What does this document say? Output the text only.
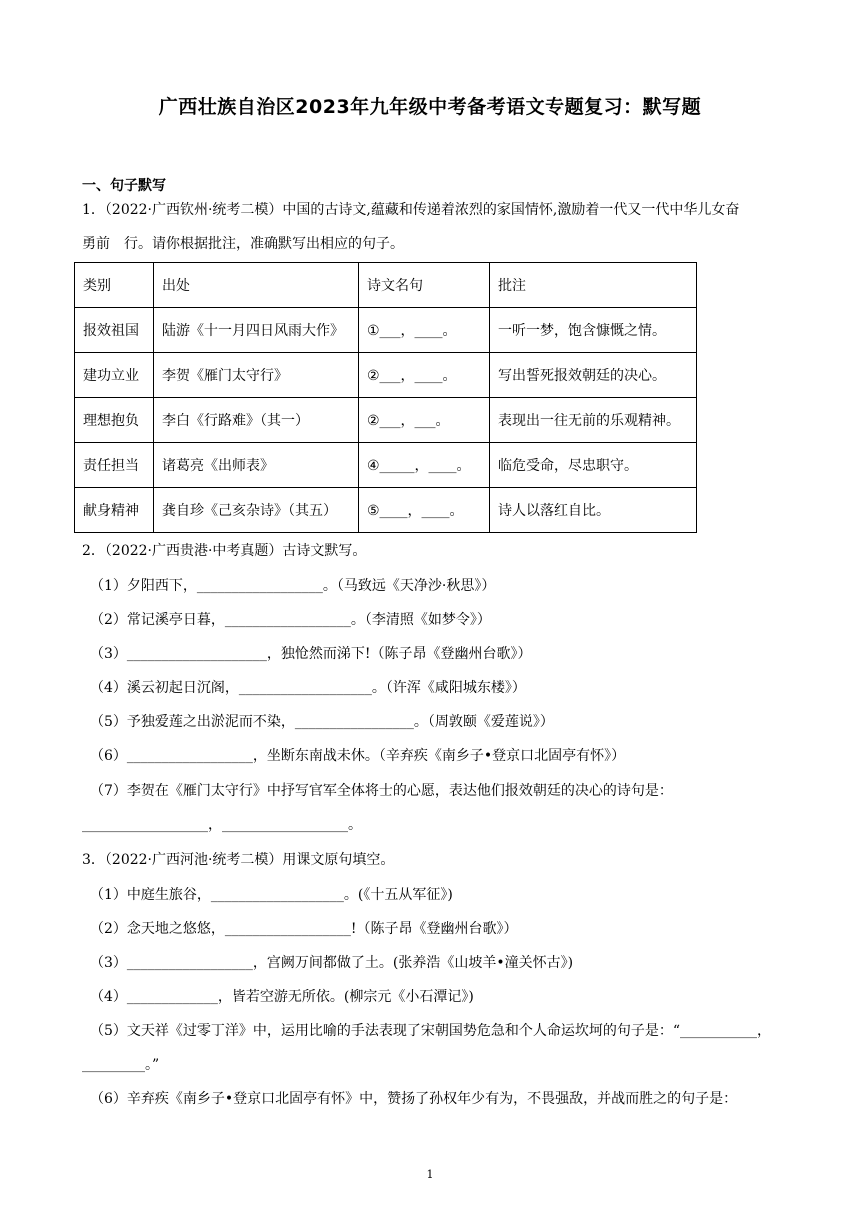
广西壮族自治区2023年九年级中考备考语文专题复习：默写题
一、句子默写
1．（2022·广西钦州·统考二模）中国的古诗文,蕴藏和传递着浓烈的家国情怀,激励着一代又一代中华儿女奋
勇前　行。请你根据批注，准确默写出相应的句子。
类别	出处	诗文名句	批注
报效祖国	陆游《十一月四日风雨大作》	①___，____。	一听一梦，饱含慷慨之情。
建功立业	李贺《雁门太守行》	②___，____。	写出誓死报效朝廷的决心。
理想抱负	李白《行路难》（其一）	②___，___。	表现出一往无前的乐观精神。
责任担当	诸葛亮《出师表》	④_____，____。	临危受命，尽忠职守。
献身精神	龚自珍《己亥杂诗》（其五）	⑤____，____。	诗人以落红自比。
2．（2022·广西贵港·中考真题）古诗文默写。
（1）夕阳西下，__________________。（马致远《天净沙·秋思》）
（2）常记溪亭日暮，__________________。（李清照《如梦令》）
（3）____________________，独怆然而涕下!（陈子昂《登幽州台歌》）
（4）溪云初起日沉阁，___________________。（许浑《咸阳城东楼》）
（5）予独爱莲之出淤泥而不染，_________________。（周敦颐《爱莲说》）
（6）__________________，坐断东南战未休。（辛弃疾《南乡子•登京口北固亭有怀》）
（7）李贺在《雁门太守行》中抒写官军全体将士的心愿，表达他们报效朝廷的决心的诗句是：
__________________，__________________。
3．（2022·广西河池·统考二模）用课文原句填空。
（1）中庭生旅谷，___________________。(《十五从军征》)
（2）念天地之悠悠，__________________!（陈子昂《登幽州台歌》）
（3）__________________，宫阙万间都做了土。(张养浩《山坡羊•潼关怀古》)
（4）_____________，皆若空游无所依。(柳宗元《小石潭记》)
（5）文天祥《过零丁洋》中，运用比喻的手法表现了宋朝国势危急和个人命运坎坷的句子是：“___________，
_________。”
（6）辛弃疾《南乡子•登京口北固亭有怀》中，赞扬了孙权年少有为，不畏强敌，并战而胜之的句子是：
1
